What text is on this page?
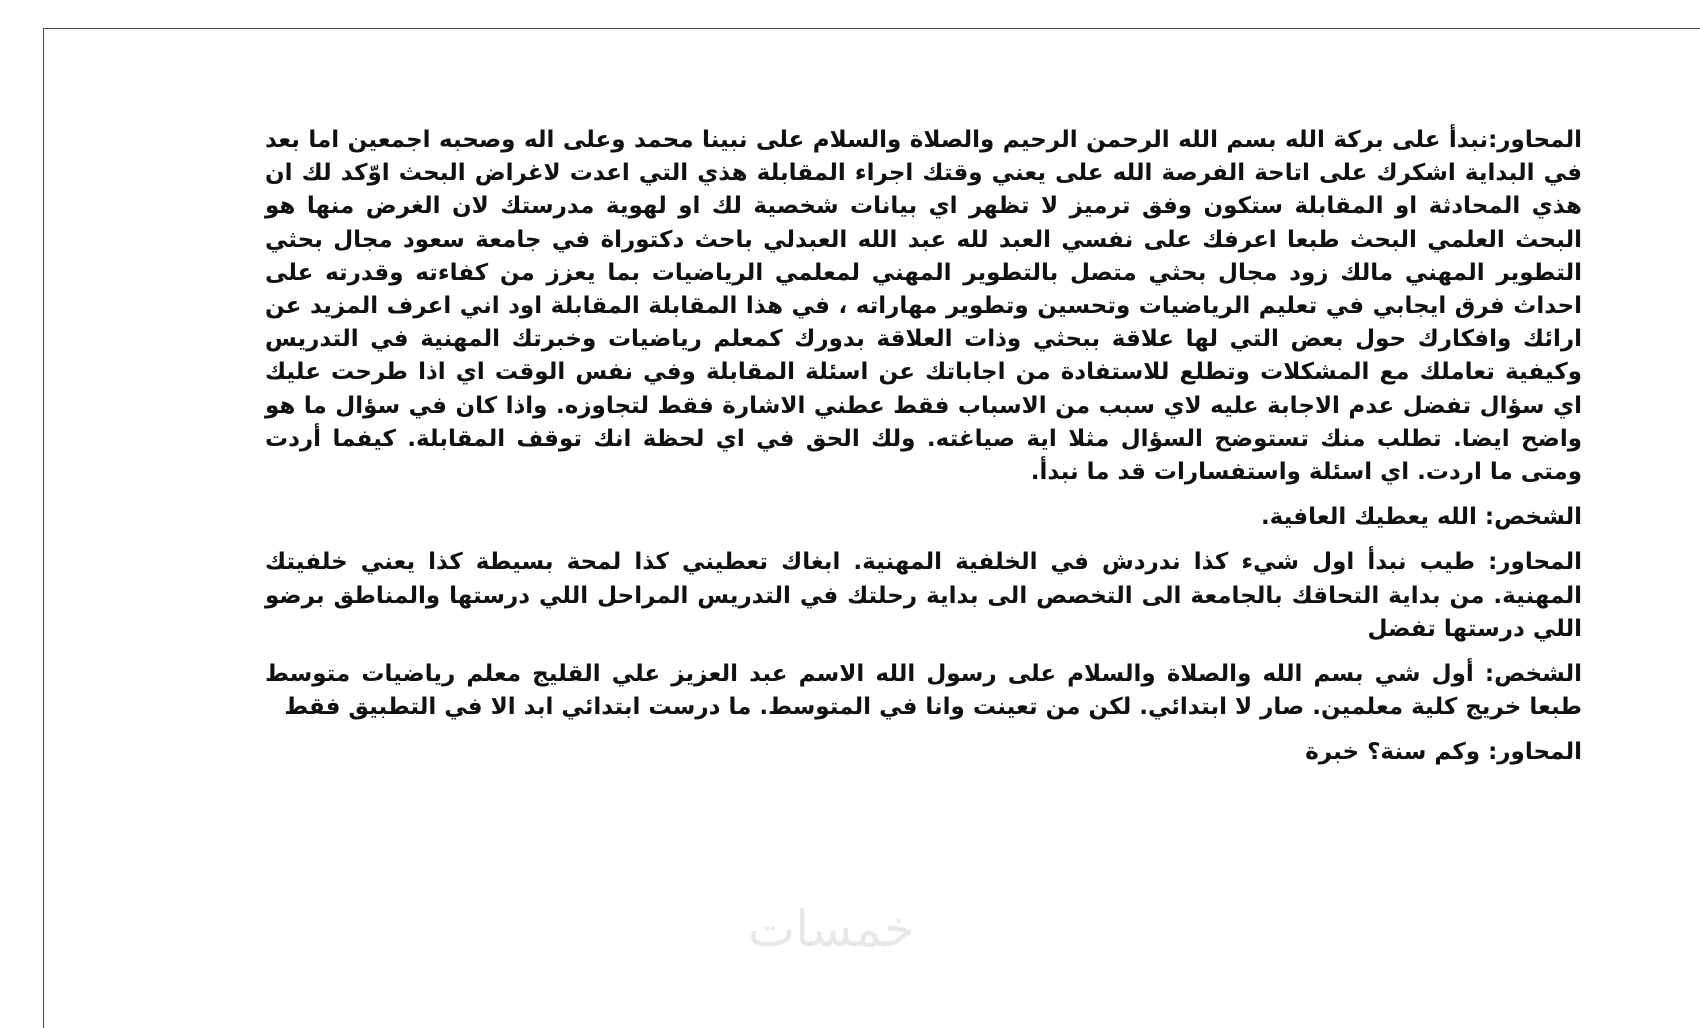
المحاور:نبدأ على بركة الله بسم الله الرحمن الرحيم والصلاة والسلام على نبينا محمد وعلى اله وصحبه اجمعين اما بعد في البداية اشكرك على اتاحة الفرصة الله على يعني وقتك اجراء المقابلة هذي التي اعدت لاغراض البحث اوّكد لك ان هذي المحادثة او المقابلة ستكون وفق ترميز لا تظهر اي بيانات شخصية لك او لهوية مدرستك لان الغرض منها هو البحث العلمي البحث طبعا اعرفك على نفسي العبد لله عبد الله العبدلي باحث دكتوراة في جامعة سعود مجال بحثي التطوير المهني مالك زود مجال بحثي متصل بالتطوير المهني لمعلمي الرياضيات بما يعزز من كفاءته وقدرته على احداث فرق ايجابي في تعليم الرياضيات وتحسين وتطوير مهاراته ، في هذا المقابلة المقابلة اود اني اعرف المزيد عن ارائك وافكارك حول بعض التي لها علاقة ببحثي وذات العلاقة بدورك كمعلم رياضيات وخبرتك المهنية في التدريس وكيفية تعاملك مع المشكلات وتطلع للاستفادة من اجاباتك عن اسئلة المقابلة وفي نفس الوقت اي اذا طرحت عليك اي سؤال تفضل عدم الاجابة عليه لاي سبب من الاسباب فقط عطني الاشارة فقط لتجاوزه. واذا كان في سؤال ما هو واضح ايضا. تطلب منك تستوضح السؤال مثلا اية صياغته. ولك الحق في اي لحظة انك توقف المقابلة. كيفما أردت ومتى ما اردت. اي اسئلة واستفسارات قد ما نبدأ.

الشخص: الله يعطيك العافية.

المحاور: طيب نبدأ اول شيء كذا ندردش في الخلفية المهنية. ابغاك تعطيني كذا لمحة بسيطة كذا يعني خلفيتك المهنية. من بداية التحاقك بالجامعة الى التخصص الى بداية رحلتك في التدريس المراحل اللي درستها والمناطق برضو اللي درستها تفضل

الشخص: أول شي بسم الله والصلاة والسلام على رسول الله الاسم عبد العزيز علي القليج معلم رياضيات متوسط طبعا خريج كلية معلمين. صار لا ابتدائي. لكن من تعينت وانا في المتوسط. ما درست ابتدائي ابد الا في التطبيق فقط

المحاور: وكم سنة؟ خبرة

خمسات
